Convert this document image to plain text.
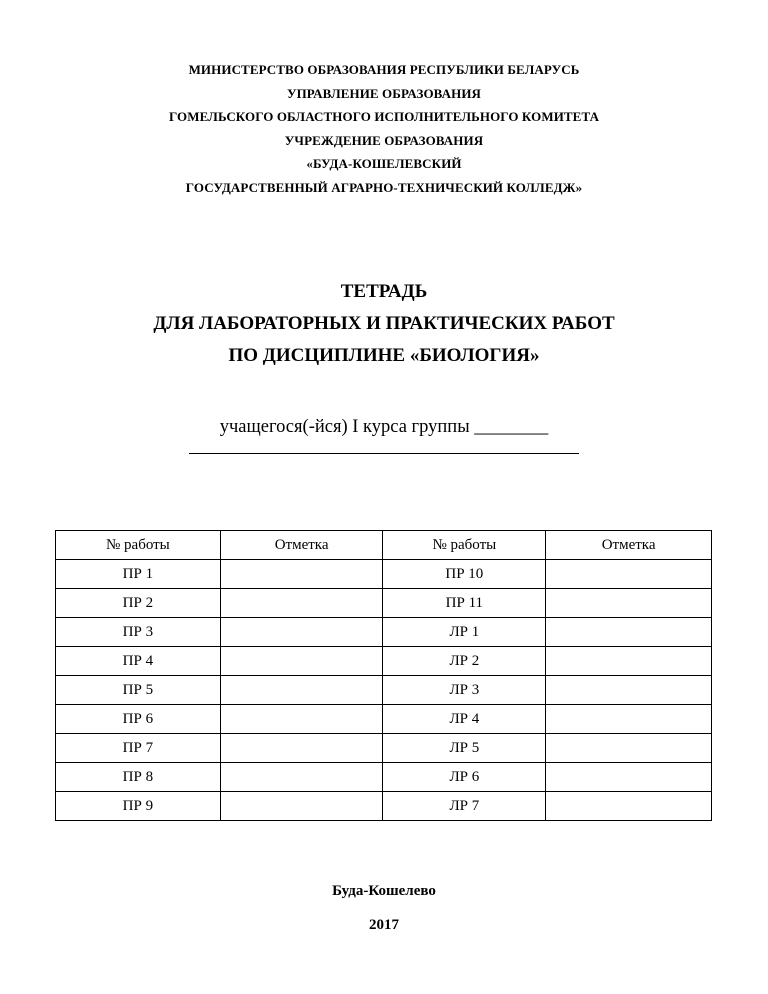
МИНИСТЕРСТВО ОБРАЗОВАНИЯ РЕСПУБЛИКИ БЕЛАРУСЬ
УПРАВЛЕНИЕ ОБРАЗОВАНИЯ
ГОМЕЛЬСКОГО ОБЛАСТНОГО ИСПОЛНИТЕЛЬНОГО КОМИТЕТА
УЧРЕЖДЕНИЕ ОБРАЗОВАНИЯ
«БУДА-КОШЕЛЕВСКИЙ
ГОСУДАРСТВЕННЫЙ АГРАРНО-ТЕХНИЧЕСКИЙ КОЛЛЕДЖ»
ТЕТРАДЬ
ДЛЯ ЛАБОРАТОРНЫХ И ПРАКТИЧЕСКИХ РАБОТ
ПО ДИСЦИПЛИНЕ «БИОЛОГИЯ»
учащегося(-йся) I курса группы ________
№ работы	Отметка	№ работы	Отметка
ПР 1		ПР 10	
ПР 2		ПР 11	
ПР 3		ЛР 1	
ПР 4		ЛР 2	
ПР 5		ЛР 3	
ПР 6		ЛР 4	
ПР 7		ЛР 5	
ПР 8		ЛР 6	
ПР 9		ЛР 7	
Буда-Кошелево
2017
